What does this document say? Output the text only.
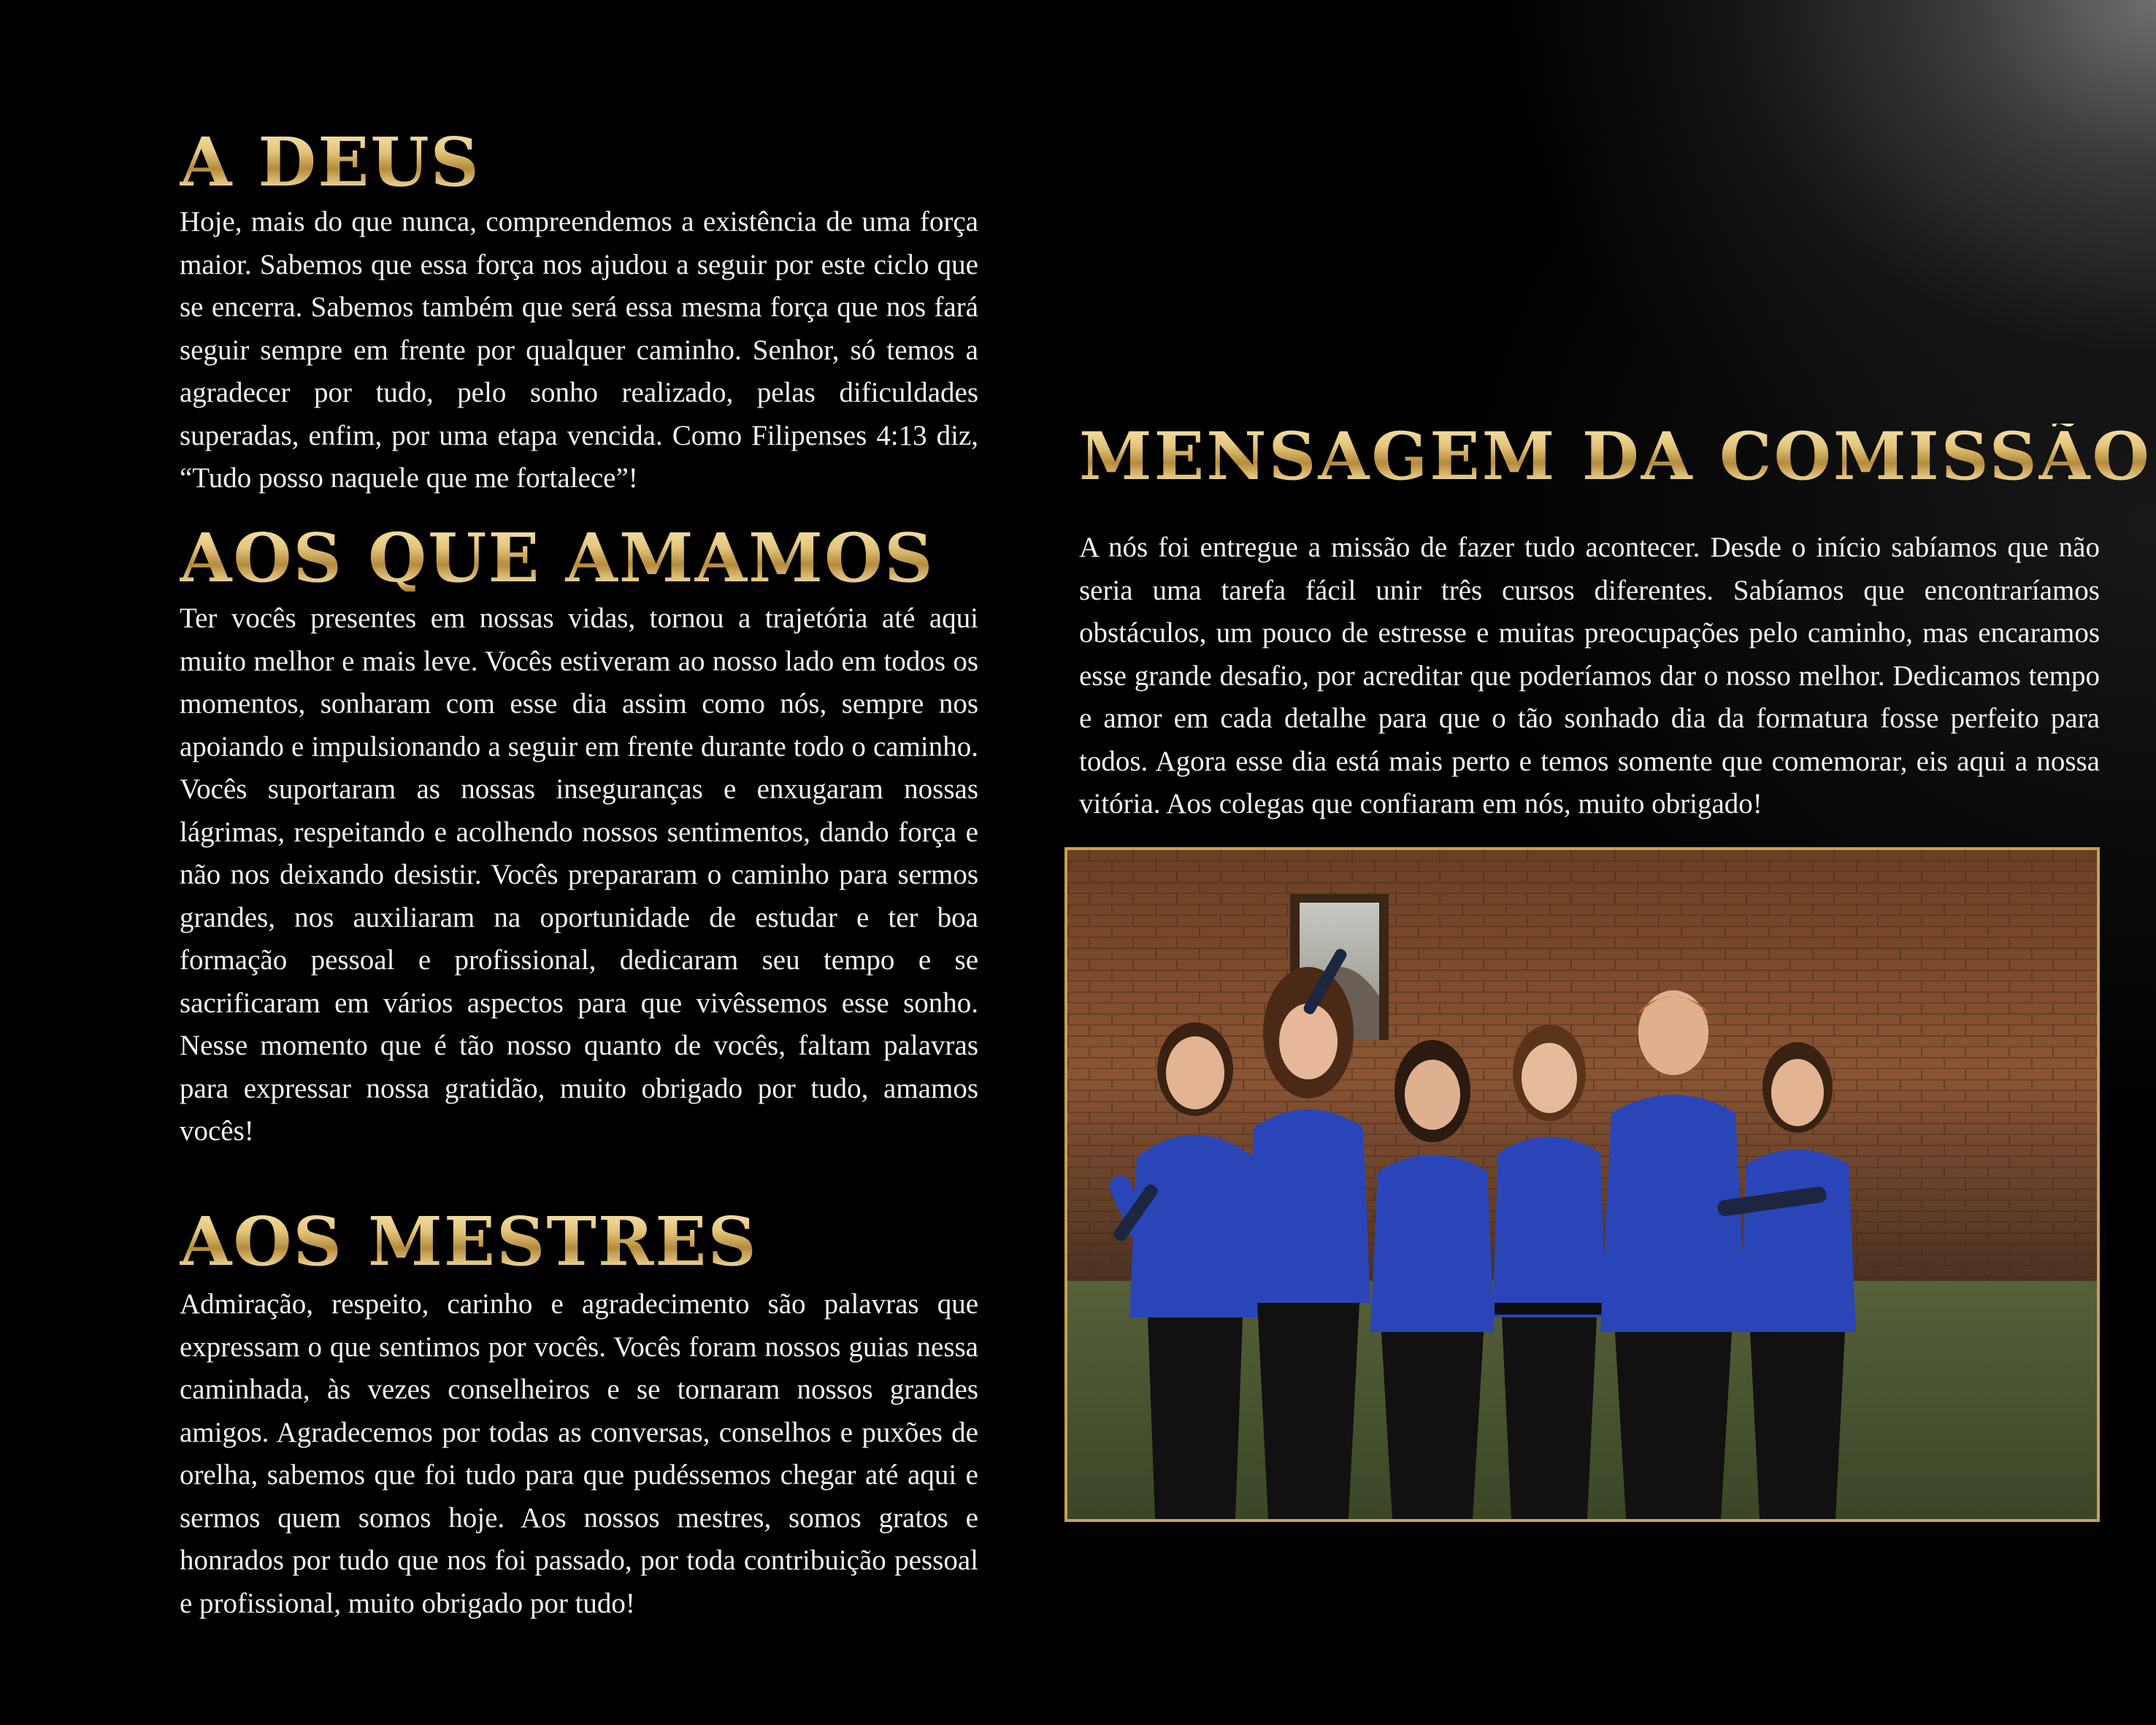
A DEUS

Hoje, mais do que nunca, compreendemos a existência de uma força maior. Sabemos que essa força nos ajudou a seguir por este ciclo que se encerra. Sabemos também que será essa mesma força que nos fará seguir sempre em frente por qualquer caminho. Senhor, só temos a agradecer por tudo, pelo sonho realizado, pelas dificuldades superadas, enfim, por uma etapa vencida. Como Filipenses 4:13 diz, “Tudo posso naquele que me fortalece”!

AOS QUE AMAMOS

Ter vocês presentes em nossas vidas, tornou a trajetória até aqui muito melhor e mais leve. Vocês estiveram ao nosso lado em todos os momentos, sonharam com esse dia assim como nós, sempre nos apoiando e impulsionando a seguir em frente durante todo o caminho. Vocês suportaram as nossas inseguranças e enxugaram nossas lágrimas, respeitando e acolhendo nossos sentimentos, dando força e não nos deixando desistir. Vocês prepararam o caminho para sermos grandes, nos auxiliaram na oportunidade de estudar e ter boa formação pessoal e profissional, dedicaram seu tempo e se sacrificaram em vários aspectos para que vivêssemos esse sonho. Nesse momento que é tão nosso quanto de vocês, faltam palavras para expressar nossa gratidão, muito obrigado por tudo, amamos vocês!

AOS MESTRES

Admiração, respeito, carinho e agradecimento são palavras que expressam o que sentimos por vocês. Vocês foram nossos guias nessa caminhada, às vezes conselheiros e se tornaram nossos grandes amigos. Agradecemos por todas as conversas, conselhos e puxões de orelha, sabemos que foi tudo para que pudéssemos chegar até aqui e sermos quem somos hoje. Aos nossos mestres, somos gratos e honrados por tudo que nos foi passado, por toda contribuição pessoal e profissional, muito obrigado por tudo!

MENSAGEM DA COMISSÃO

A nós foi entregue a missão de fazer tudo acontecer. Desde o início sabíamos que não seria uma tarefa fácil unir três cursos diferentes. Sabíamos que encontraríamos obstáculos, um pouco de estresse e muitas preocupações pelo caminho, mas encaramos esse grande desafio, por acreditar que poderíamos dar o nosso melhor. Dedicamos tempo e amor em cada detalhe para que o tão sonhado dia da formatura fosse perfeito para todos. Agora esse dia está mais perto e temos somente que comemorar, eis aqui a nossa vitória. Aos colegas que confiaram em nós, muito obrigado!
